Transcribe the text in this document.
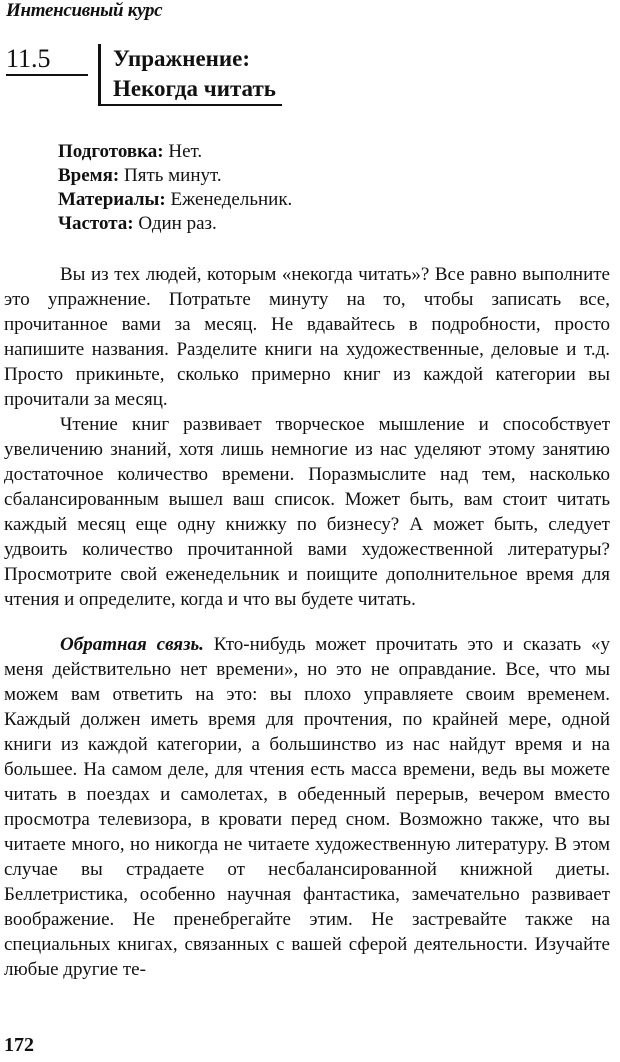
Интенсивный курс
11.5	Упражнение:
Некогда читать
Подготовка: Нет.
Время: Пять минут.
Материалы: Еженедельник.
Частота: Один раз.

Вы из тех людей, которым «некогда читать»? Все равно выполните это упражнение. Потратьте минуту на то, чтобы записать все, прочитанное вами за месяц. Не вдавайтесь в подробности, просто напишите названия. Разделите книги на художественные, деловые и т.д. Просто прикиньте, сколько примерно книг из каждой категории вы прочитали за месяц.

Чтение книг развивает творческое мышление и способствует увеличению знаний, хотя лишь немногие из нас уделяют этому занятию достаточное количество времени. Поразмыслите над тем, насколько сбалансированным вышел ваш список. Может быть, вам стоит читать каждый месяц еще одну книжку по бизнесу? А может быть, следует удвоить количество прочитанной вами художественной литературы? Просмотрите свой еженедельник и поищите дополнительное время для чтения и определите, когда и что вы будете читать.

Обратная связь. Кто-нибудь может прочитать это и сказать «у меня действительно нет времени», но это не оправдание. Все, что мы можем вам ответить на это: вы плохо управляете своим временем. Каждый должен иметь время для прочтения, по крайней мере, одной книги из каждой категории, а большинство из нас найдут время и на большее. На самом деле, для чтения есть масса времени, ведь вы можете читать в поездах и самолетах, в обеденный перерыв, вечером вместо просмотра телевизора, в кровати перед сном. Возможно также, что вы читаете много, но никогда не читаете художественную литературу. В этом случае вы страдаете от несбалансированной книжной диеты. Беллетристика, особенно научная фантастика, замечательно развивает воображение. Не пренебрегайте этим. Не застревайте также на специальных книгах, связанных с вашей сферой деятельности. Изучайте любые другие те-

172
